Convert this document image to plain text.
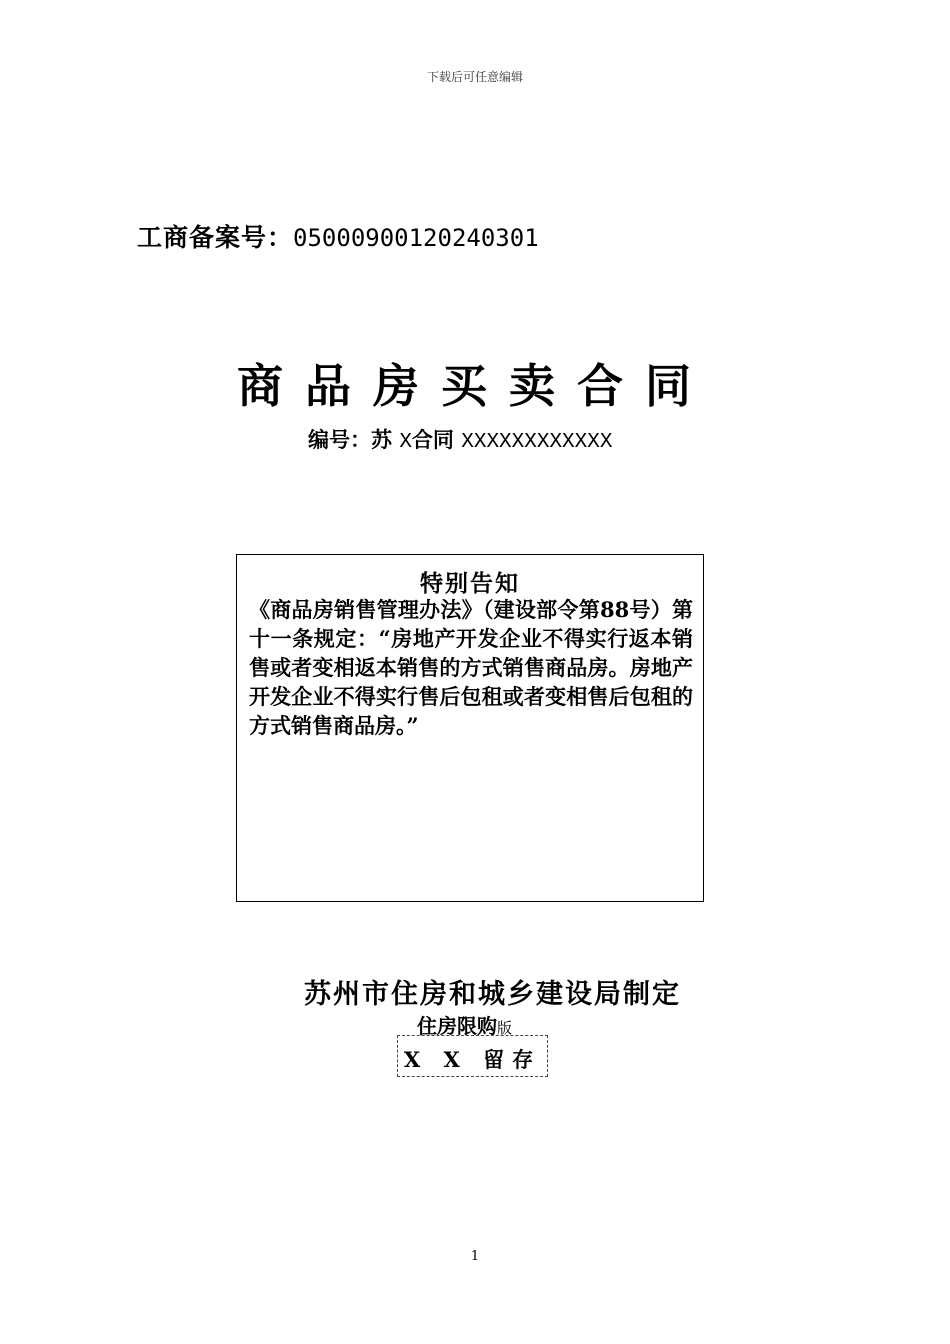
下载后可任意编辑
工商备案号：05000900120240301
商品房买卖合同
编号：苏 X合同 XXXXXXXXXXXX
特别告知
《商品房销售管理办法》（建设部令第88号）第十一条规定：“房地产开发企业不得实行返本销售或者变相返本销售的方式销售商品房。房地产开发企业不得实行售后包租或者变相售后包租的方式销售商品房。”
苏州市住房和城乡建设局制定
住房限购版
X X 留存
1
